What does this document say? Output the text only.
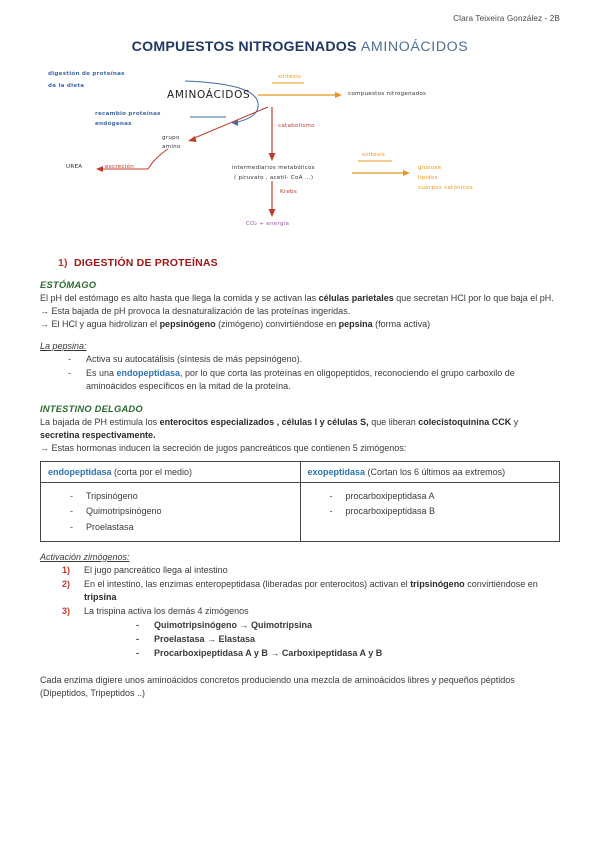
Clara Teixeira González - 2B
COMPUESTOS NITROGENADOS AMINOÁCIDOS
digestión de proteínas
de la dieta
recambio proteínas
endógenas
AMINOÁCIDOS
síntesis
compuestos nitrogenados
catabolismo
grupo
amino
UREA	excreción	intermediarios metabólicos
( piruvato , acetil- CoA ...)
síntesis
glucosa
lípidos
cuerpos cetónicos
Krebs
CO₂ + energía
1) DIGESTIÓN DE PROTEÍNAS
ESTÓMAGO

El pH del estómago es alto hasta que llega la comida y se activan las células parietales que secretan HCl por lo que baja el pH.

→ Esta bajada de pH provoca la desnaturalización de las proteínas ingeridas.

→ El HCl y agua hidrolizan el pepsinógeno (zimógeno) convirtiéndose en pepsina (forma activa)

La pepsina:
- Activa su autocatálisis (síntesis de más pepsinógeno).
- Es una endopeptidasa, por lo que corta las proteínas en oligopeptidos, reconociendo el grupo carboxilo de aminoácidos específicos en la mitad de la proteína.
INTESTINO DELGADO

La bajada de PH estimula los enterocitos especializados , células I y células S, que liberan colecistoquinina CCK y secretina respectivamente.

→ Estas hormonas inducen la secreción de jugos pancreáticos que contienen 5 zimógenos:

endopeptidasa (corta por el medio)	exopeptidasa (Cortan los 6 últimos aa extremos)

- Tripsinógeno
- Quimotripsinógeno
- Proelastasa

- procarboxipeptidasa A
- procarboxipeptidasa B
Activación zimógenos:
El jugo pancreático llega al intestino
En el intestino, las enzimas enteropeptidasa (liberadas por enterocitos) activan el tripsinógeno convirtiéndose en tripsina
La trispina activa los demás 4 zimógenos
- Quimotripsinógeno → Quimotripsina
- Proelastasa → Elastasa
- Procarboxipeptidasa A y B → Carboxipeptidasa A y B

Cada enzima digiere unos aminoácidos concretos produciendo una mezcla de aminoácidos libres y pequeños péptidos (Dipeptidos, Tripeptidos ..)
